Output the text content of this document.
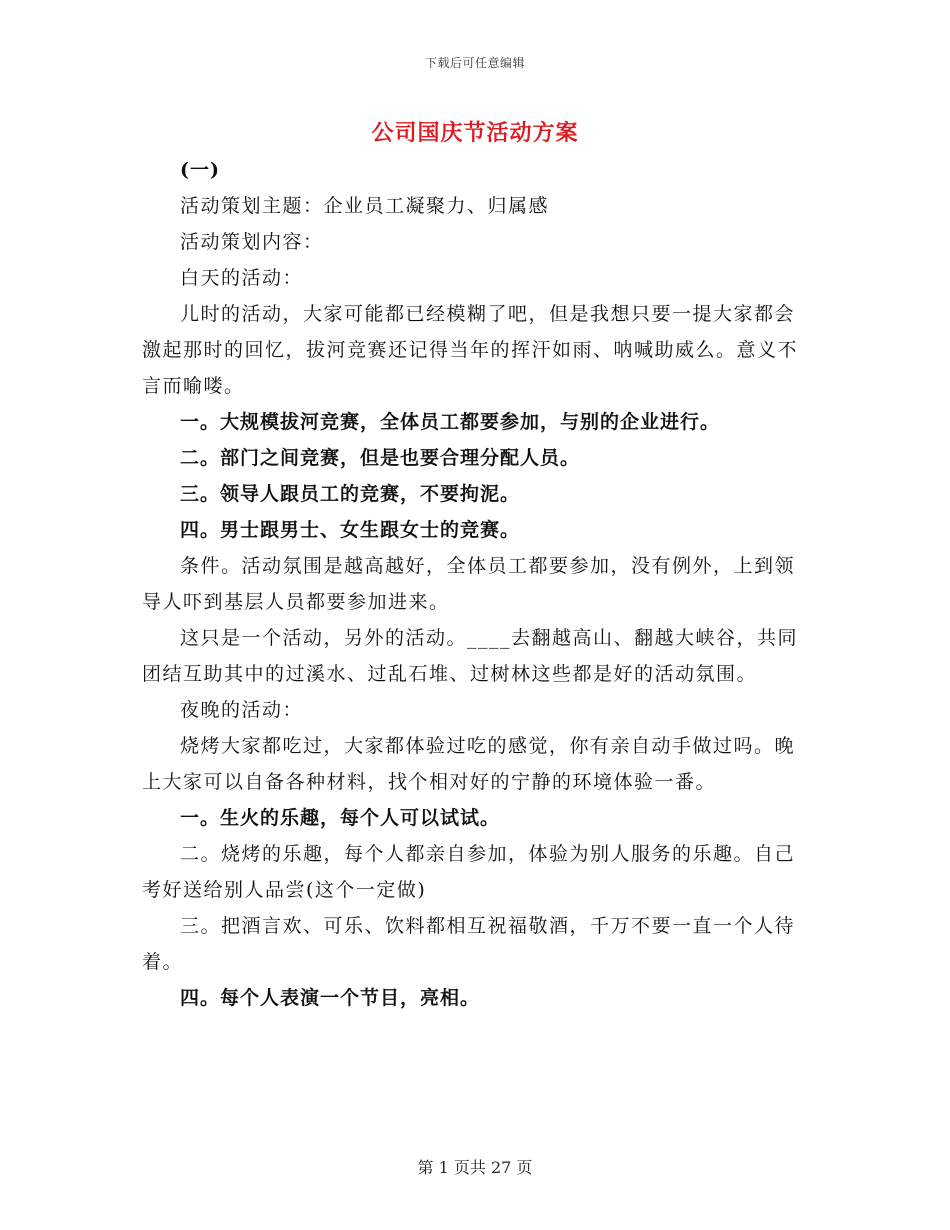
下载后可任意编辑
公司国庆节活动方案

(一)

活动策划主题：企业员工凝聚力、归属感

活动策划内容：

白天的活动：

儿时的活动，大家可能都已经模糊了吧，但是我想只要一提大家都会激起那时的回忆，拔河竞赛还记得当年的挥汗如雨、呐喊助威么。意义不言而喻喽。

一。大规模拔河竞赛，全体员工都要参加，与别的企业进行。

二。部门之间竞赛，但是也要合理分配人员。

三。领导人跟员工的竞赛，不要拘泥。

四。男士跟男士、女生跟女士的竞赛。

条件。活动氛围是越高越好，全体员工都要参加，没有例外，上到领导人吓到基层人员都要参加进来。

这只是一个活动，另外的活动。____去翻越高山、翻越大峡谷，共同团结互助其中的过溪水、过乱石堆、过树林这些都是好的活动氛围。

夜晚的活动：

烧烤大家都吃过，大家都体验过吃的感觉，你有亲自动手做过吗。晚上大家可以自备各种材料，找个相对好的宁静的环境体验一番。

一。生火的乐趣，每个人可以试试。

二。烧烤的乐趣，每个人都亲自参加，体验为别人服务的乐趣。自己考好送给别人品尝(这个一定做)

三。把酒言欢、可乐、饮料都相互祝福敬酒，千万不要一直一个人待着。

四。每个人表演一个节目，亮相。

第 1 页共 27 页
